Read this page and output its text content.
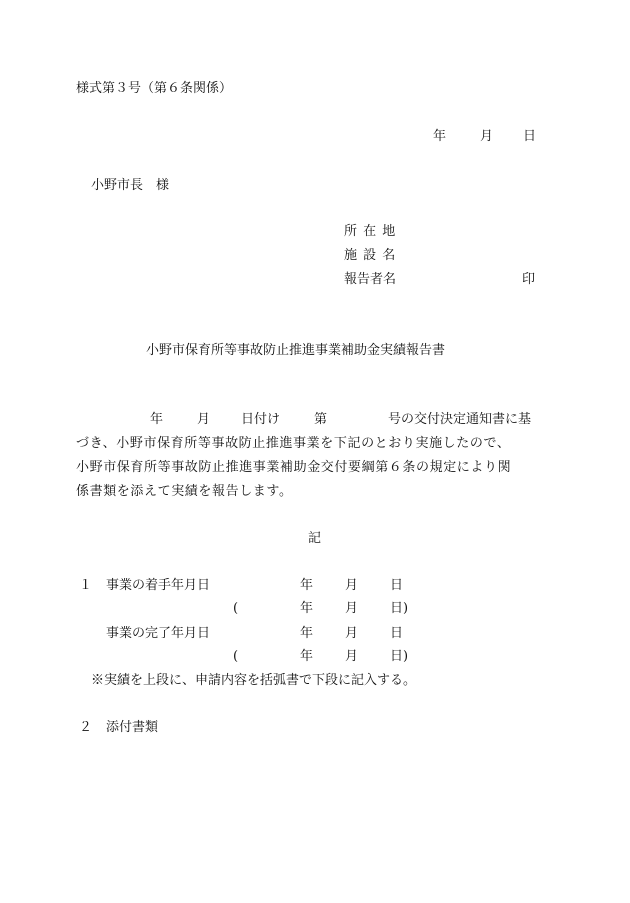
様式第３号（第６条関係）
年	月 日
小野市長　様
所 在 地
施 設 名
報告者名	印
小野市保育所等事故防止推進事業補助金実績報告書
年	月 日付け	第	号の交付決定通知書に基
づき、小野市保育所等事故防止推進事業を下記のとおり実施したので、
小野市保育所等事故防止推進事業補助金交付要綱第６条の規定により関
係書類を添えて実績を報告します。
記
１ 事業の着手年月日	年 月 日
(	年 月 日)
事業の完了年月日	年 月 日
(	年 月 日)
※実績を上段に、申請内容を括弧書で下段に記入する。
２ 添付書類
